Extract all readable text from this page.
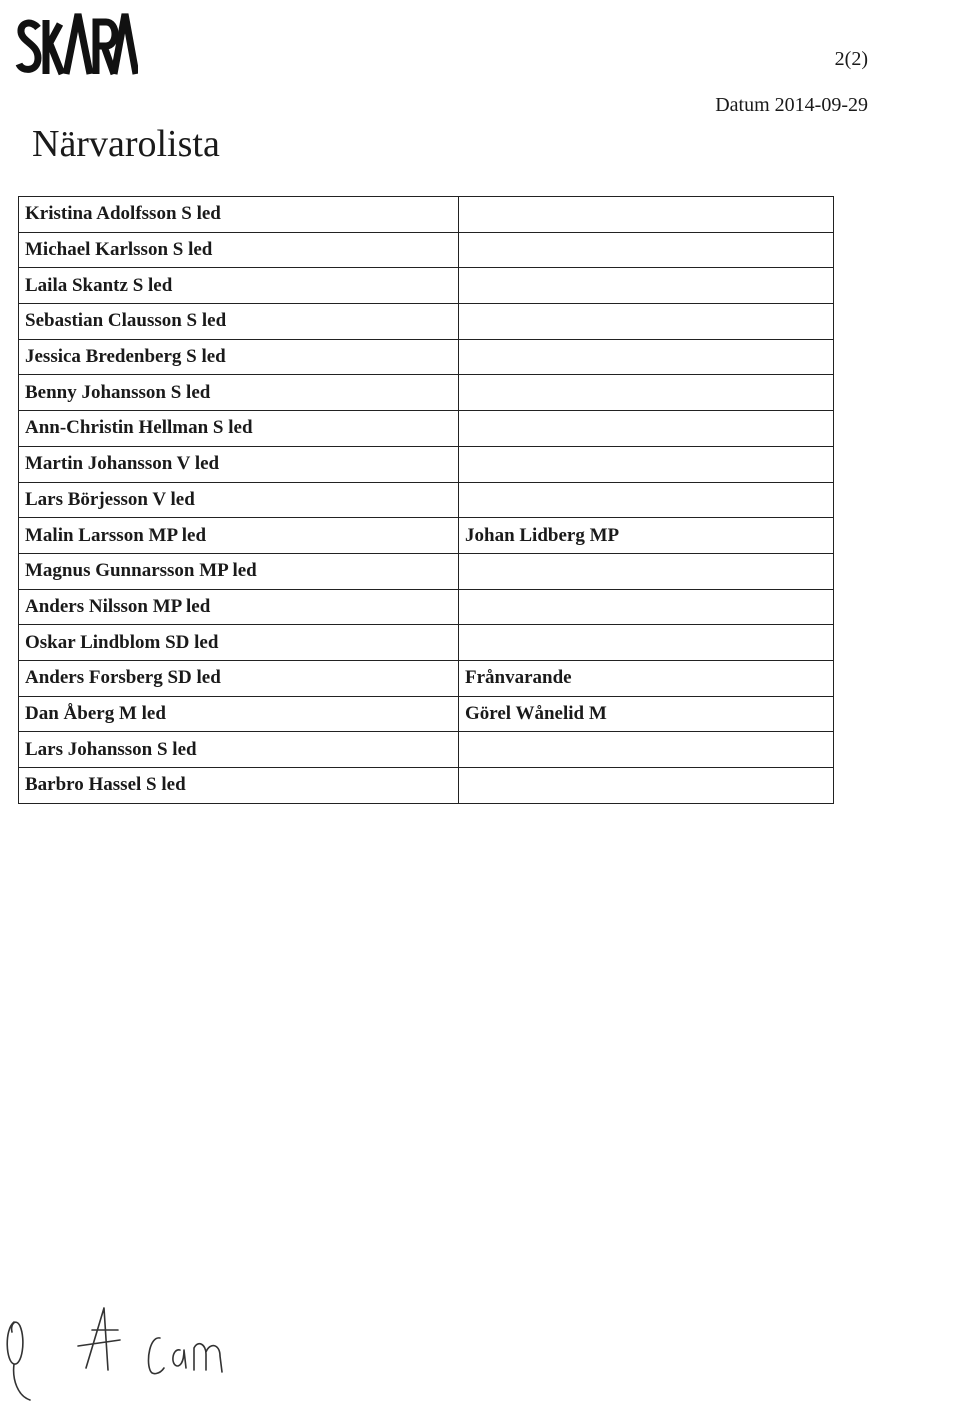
2(2)
Datum 2014-09-29
Närvarolista
Kristina Adolfsson S led	
Michael Karlsson S led	
Laila Skantz S led	
Sebastian Clausson S led	
Jessica Bredenberg S led	
Benny Johansson S led	
Ann-Christin Hellman S led	
Martin Johansson V led	
Lars Börjesson V led	
Malin Larsson MP led	Johan Lidberg MP
Magnus Gunnarsson MP led	
Anders Nilsson MP led	
Oskar Lindblom SD led	
Anders Forsberg SD led	Frånvarande
Dan Åberg M led	Görel Wånelid M
Lars Johansson S led	
Barbro Hassel S led	
